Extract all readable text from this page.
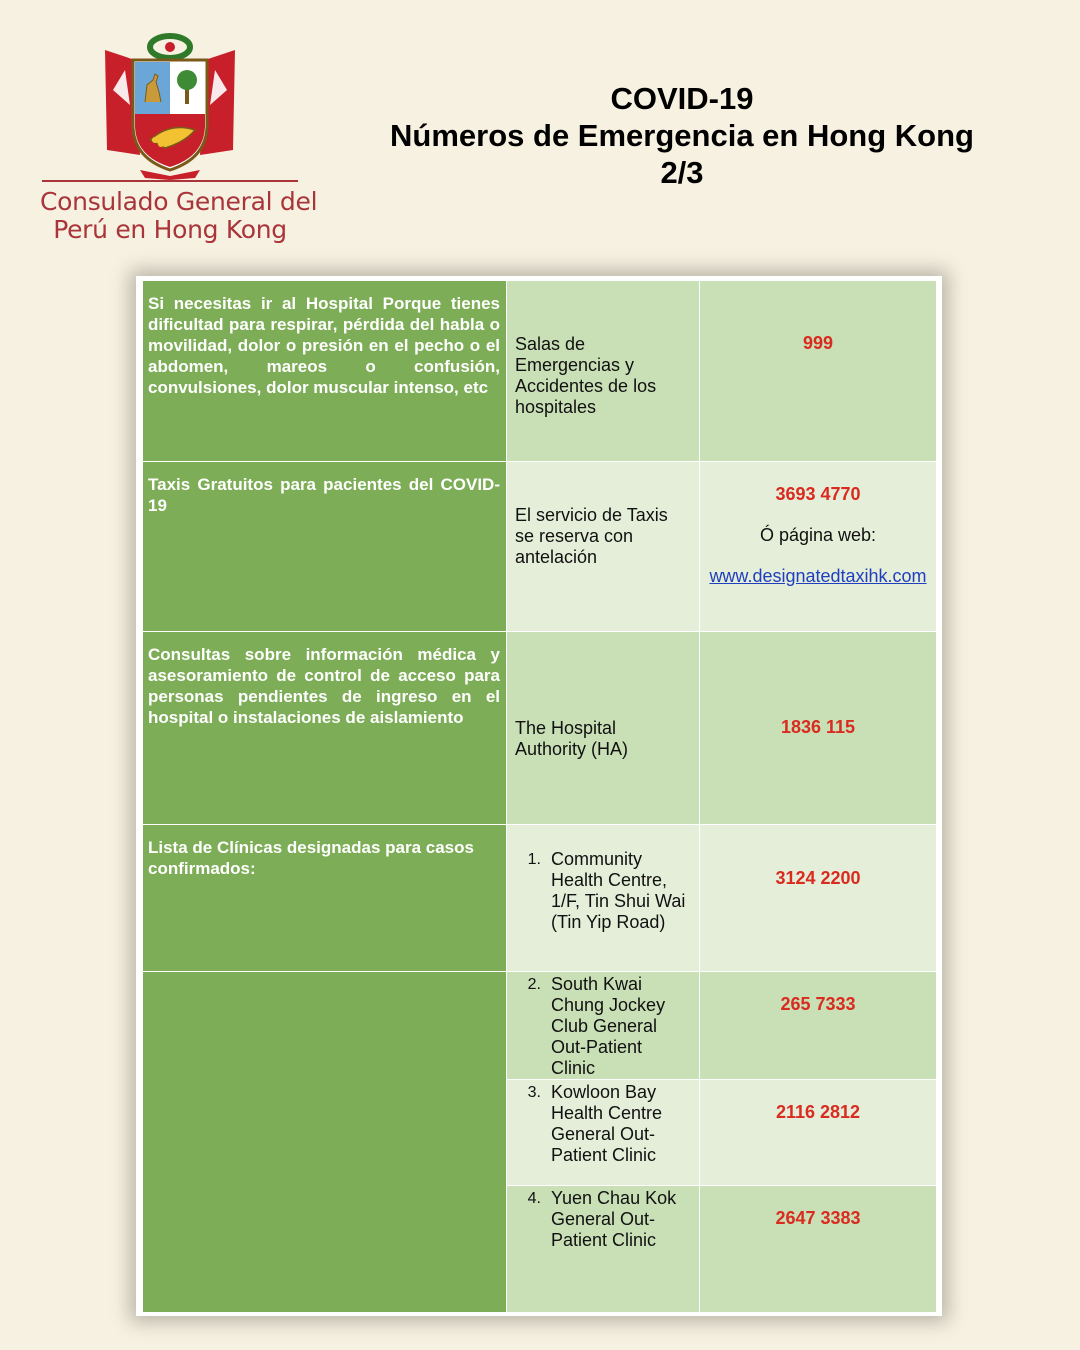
Consulado General del
Perú en Hong Kong
COVID-19
Números de Emergencia en Hong Kong
2/3
Si necesitas ir al Hospital Porque tienes dificultad para respirar, pérdida del habla o movilidad, dolor o presión en el pecho o el abdomen, mareos o confusión, convulsiones, dolor muscular intenso, etc	Salas de Emergencias y Accidentes de los hospitales	999

Taxis Gratuitos para pacientes del COVID-19	El servicio de Taxis se reserva con antelación	3693 4770
Ó página web:
www.designatedtaxihk.com

Consultas sobre información médica y asesoramiento de control de acceso para personas pendientes de ingreso en el hospital o instalaciones de aislamiento	The Hospital Authority (HA)	1836 115

Lista de Clínicas designadas para casos confirmados:	1. Community Health Centre, 1/F, Tin Shui Wai (Tin Yip Road)	3124 2200

	2. South Kwai Chung Jockey Club General Out-Patient Clinic	265 7333

	3. Kowloon Bay Health Centre General Out-Patient Clinic	2116 2812

	4. Yuen Chau Kok General Out-Patient Clinic	2647 3383
